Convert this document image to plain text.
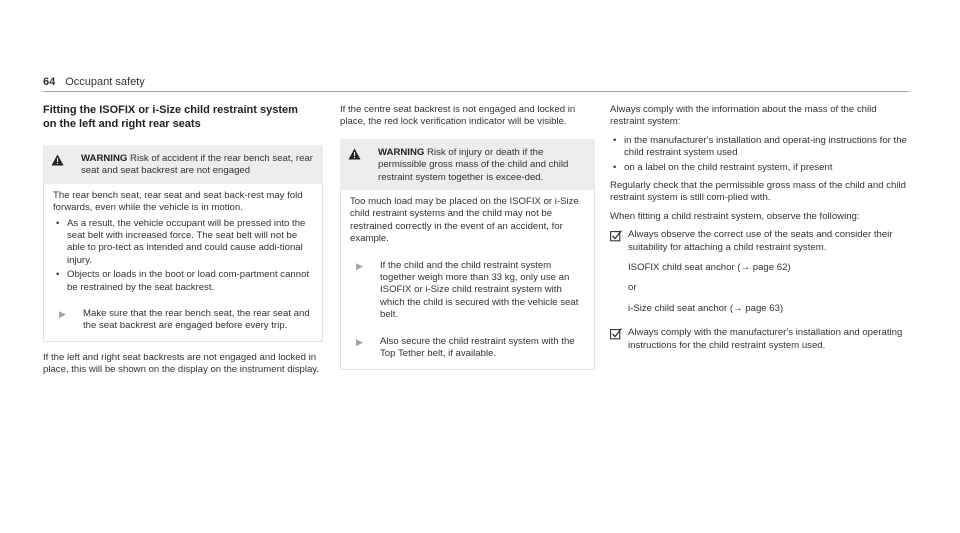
64 Occupant safety
Fitting the ISOFIX or i-Size child restraint system
on the left and right rear seats
WARNING Risk of accident if the rear bench seat, rear seat and seat backrest are not engaged

The rear bench seat, rear seat and seat back-rest may fold forwards, even while the vehicle is in motion.

• As a result, the vehicle occupant will be pressed into the seat belt with increased force. The seat belt will not be able to pro-tect as intended and could cause addi-tional injury.
• Objects or loads in the boot or load com-partment cannot be restrained by the seat backrest.
▶	Make sure that the rear bench seat, the rear seat and the seat backrest are engaged before every trip.

If the left and right seat backrests are not engaged and locked in place, this will be shown on the display on the instrument display.

If the centre seat backrest is not engaged and locked in place, the red lock verification indicator will be visible.

WARNING Risk of injury or death if the permissible gross mass of the child and child restraint system together is excee-ded.

Too much load may be placed on the ISOFIX or i-Size child restraint systems and the child may not be restrained correctly in the event of an accident, for example.

▶	If the child and the child restraint system together weigh more than 33 kg, only use an ISOFIX or i-Size child restraint system with which the child is secured with the vehicle seat belt.
▶	Also secure the child restraint system with the Top Tether belt, if available.

Always comply with the information about the mass of the child restraint system:

• in the manufacturer's installation and operat-ing instructions for the child restraint system used
• on a label on the child restraint system, if present

Regularly check that the permissible gross mass of the child and child restraint system is still com-plied with.

When fitting a child restraint system, observe the following:

Always observe the correct use of the seats and consider their suitability for attaching a child restraint system.

ISOFIX child seat anchor (→ page 62)

or

i-Size child seat anchor (→ page 63)

Always comply with the manufacturer's installation and operating instructions for the child restraint system used.
